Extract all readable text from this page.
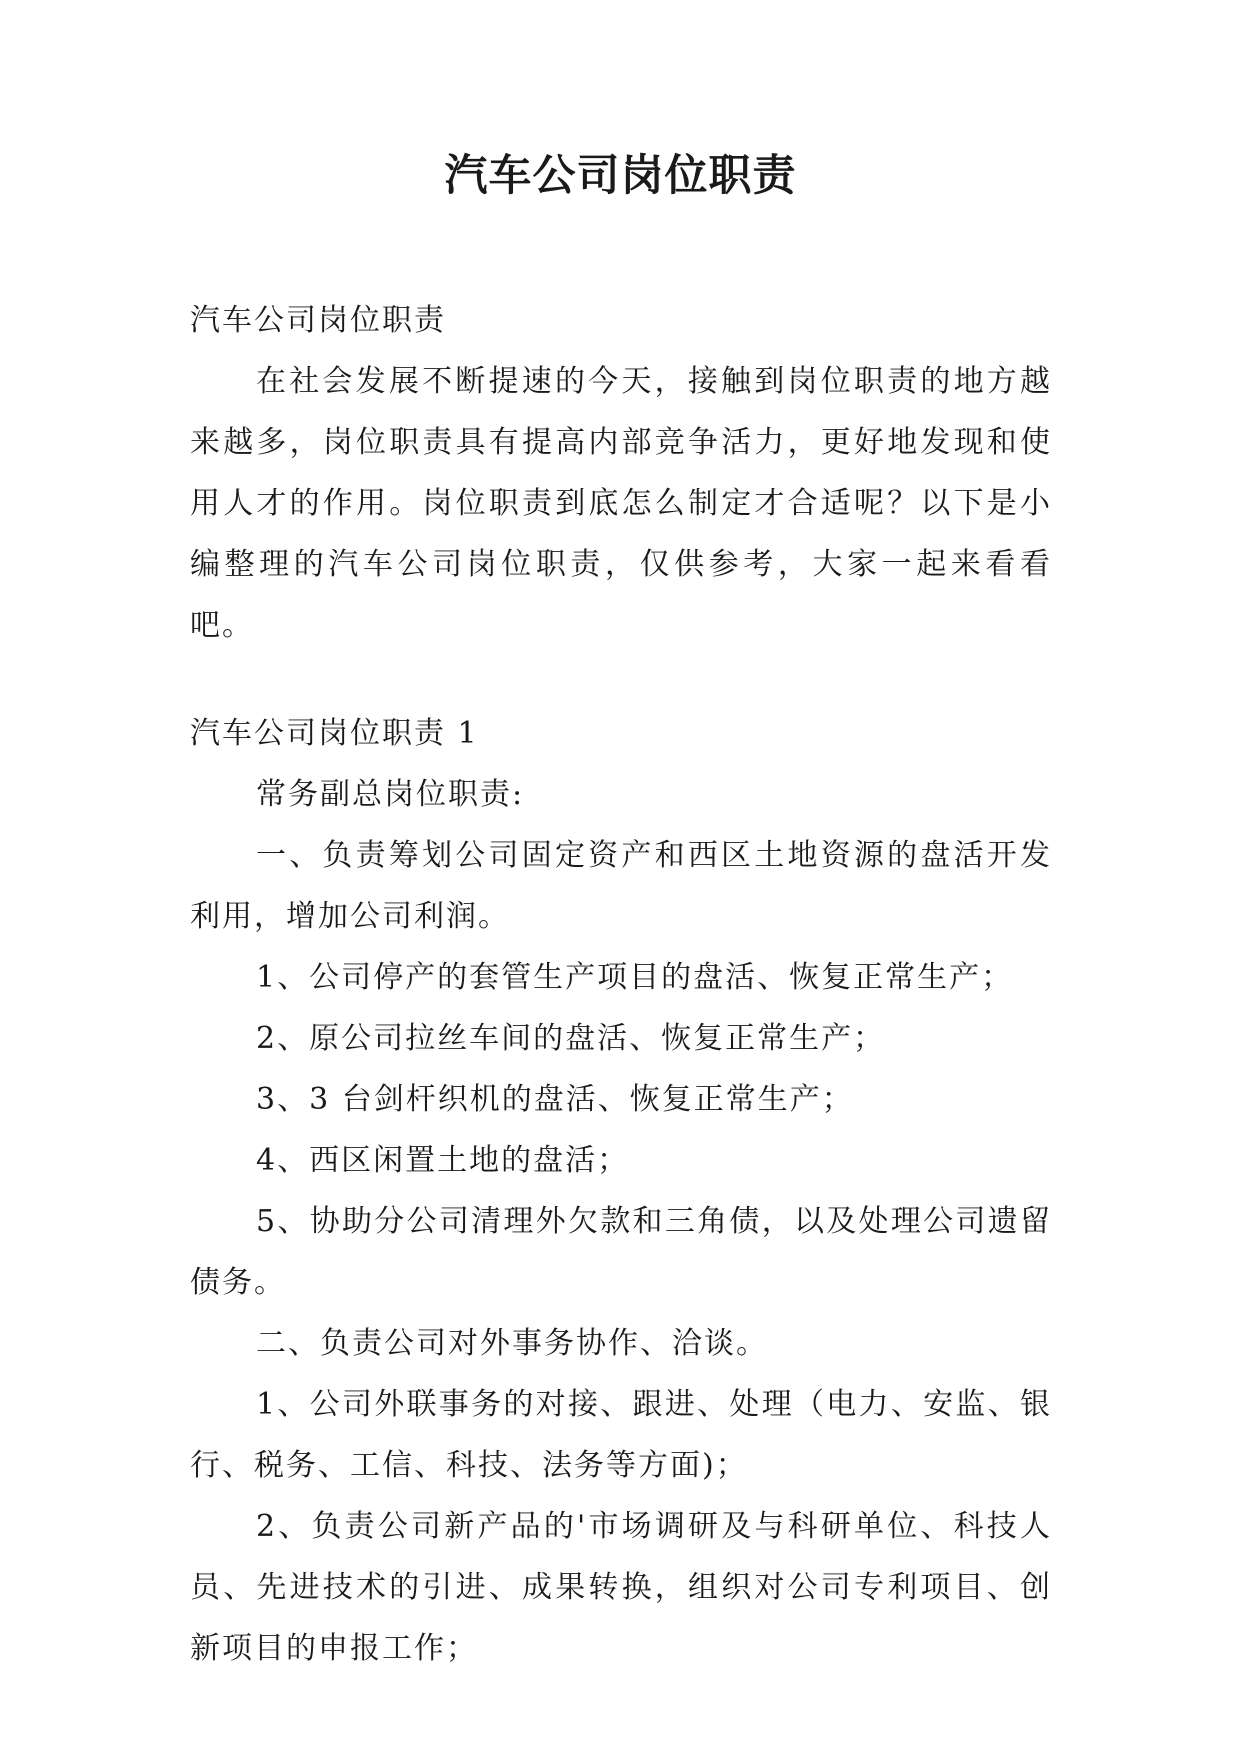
汽车公司岗位职责

汽车公司岗位职责

在社会发展不断提速的今天，接触到岗位职责的地方越来越多，岗位职责具有提高内部竞争活力，更好地发现和使用人才的作用。岗位职责到底怎么制定才合适呢？以下是小编整理的汽车公司岗位职责，仅供参考，大家一起来看看吧。

汽车公司岗位职责 1

常务副总岗位职责:

一、负责筹划公司固定资产和西区土地资源的盘活开发利用，增加公司利润。

1、公司停产的套管生产项目的盘活、恢复正常生产；

2、原公司拉丝车间的盘活、恢复正常生产；

3、3 台剑杆织机的盘活、恢复正常生产；

4、西区闲置土地的盘活；

5、协助分公司清理外欠款和三角债，以及处理公司遗留债务。

二、负责公司对外事务协作、洽谈。

1、公司外联事务的对接、跟进、处理（电力、安监、银行、税务、工信、科技、法务等方面)；

2、负责公司新产品的'市场调研及与科研单位、科技人员、先进技术的引进、成果转换，组织对公司专利项目、创新项目的申报工作；
